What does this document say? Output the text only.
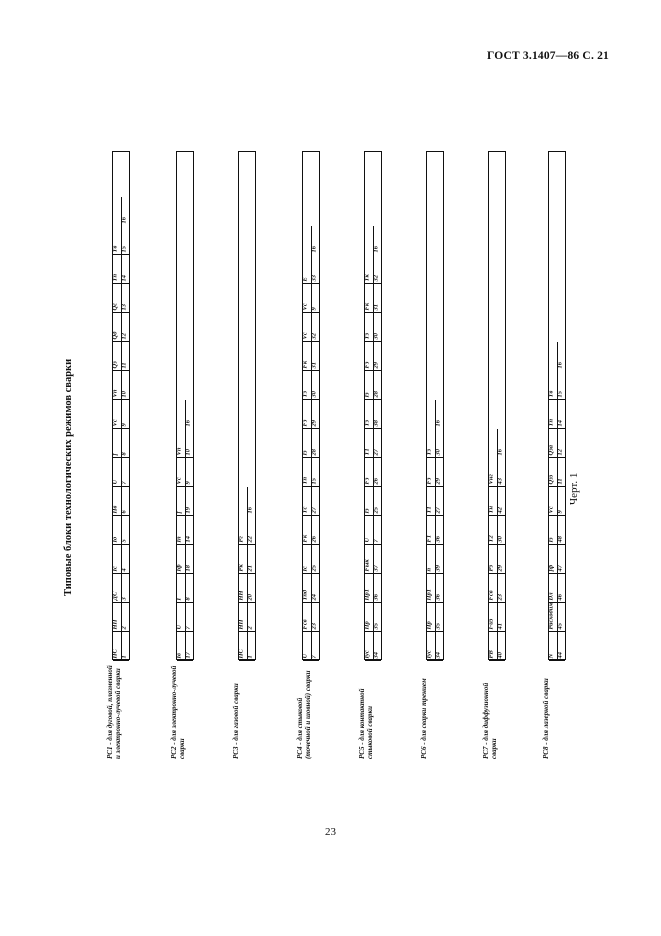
ГОСТ 3.1407—86 С. 21
Типовые блоки технологических режимов сварки	Черт. 1
23
ПС 1
НП 2
ДС 3
Iс 4
Iо 5
Пв 6
U 7
f 8
Vс 9
Vп 10
Qз 11
Qд 12
Qс 13
Tп 14
Tв 15
16
РС1 - для дуговой, плазменной и электронно-лучевой сварки
Iв 17
U 7
I 8
Iф 18
Iп 14
f 19
Vс 9
Vп 10
16
РС2 - для электронно-лучевой сварки
ПС 1
НП 2
НН 20
Рк 21
Рг 22
16
РС3 - для газовой сварки
U 7
Fсв 23
Тпд 24
Iс 25
Fк 26
Tс 27
Tп 15
Iз 28
Fз 29
Tз 30
Fк 31
Vc 32
Vс 9
E 33
16
РС4 - для стыковой (точечной и шовной) сварки
Iус 34
Пр 35
Пр1 36
Fык 37
U 7
Iз 25
Fз 26
T1 27
Tз 38
Iз 28
Fз 29
Tз 30
Fк 31
Tк 32
16
РС5 - для контактной стыковой сварки
Iус 34
Пр 35
Пр1 36
n 39
F1 36
T1 27
Fз 29
Tз 30
16
РС6 - для сварки трением
РВ 40
I-из 41
Fсв 23
Pз 29
T2 30
Tн 42
Vнг 43
16
РС7 - для диффузионной сварки
N 44
Расходим 45
Dл 46
fф 47
Iз 48
Vс 9
Qзз 11
Qза 12
Tп 14
Tв 15
16
РС8 - для лазерной сварки
